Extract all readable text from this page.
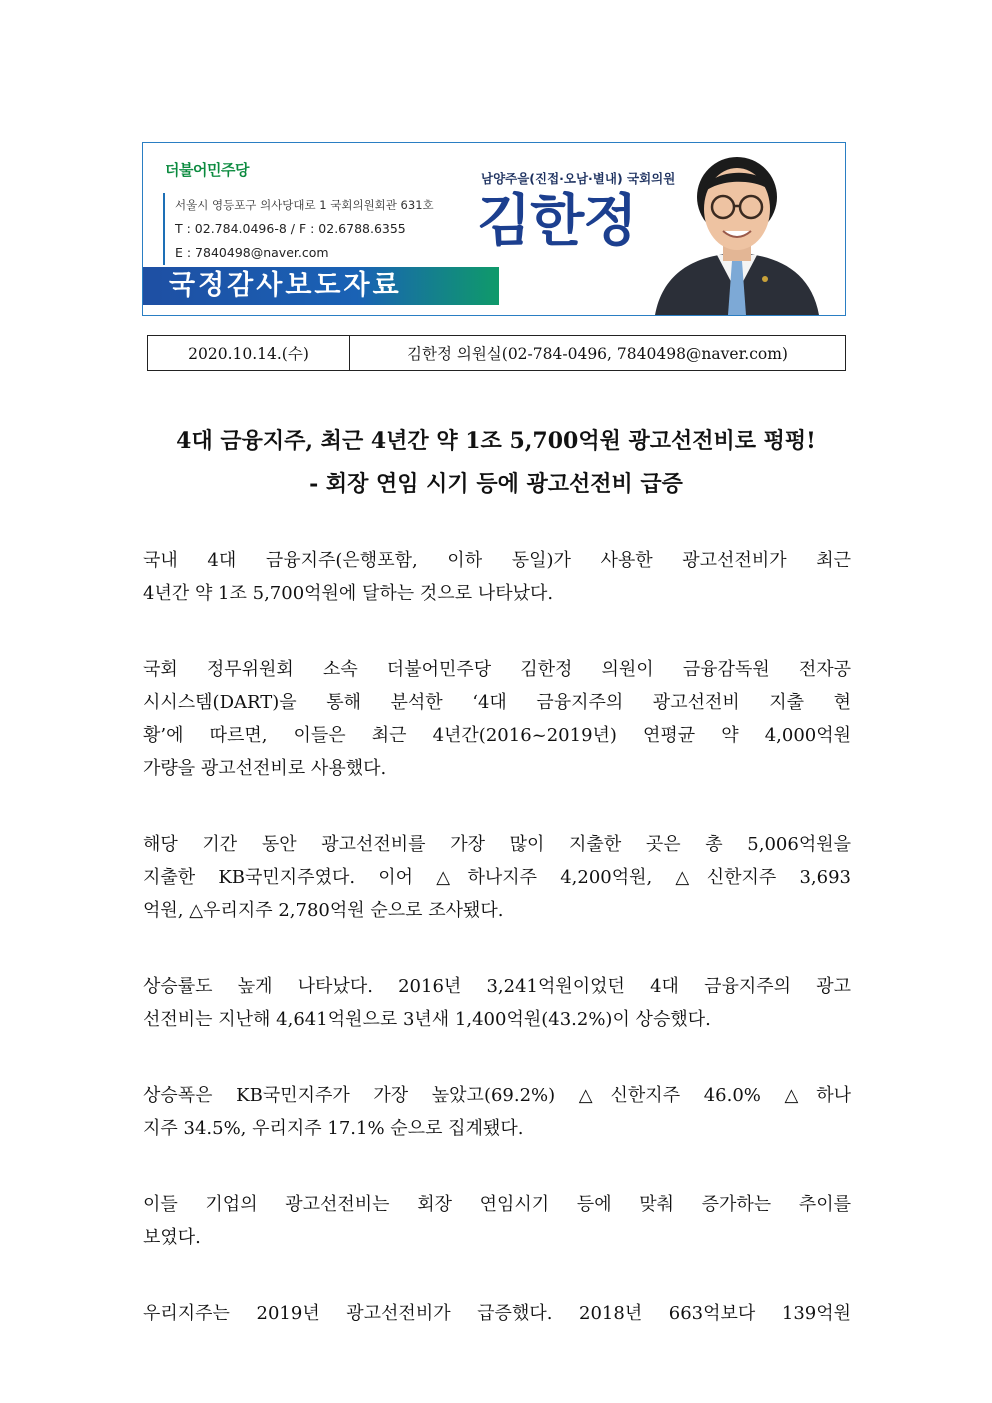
더불어민주당
서울시 영등포구 의사당대로 1 국회의원회관 631호
T : 02.784.0496-8 / F : 02.6788.6355
E : 7840498@naver.com
남양주을(진접·오남·별내) 국회의원
김한정
국정감사보도자료
2020.10.14.(수)	김한정 의원실(02-784-0496, 7840498@naver.com)
4대 금융지주, 최근 4년간 약 1조 5,700억원 광고선전비로 펑펑!
- 회장 연임 시기 등에 광고선전비 급증

국내 4대 금융지주(은행포함, 이하 동일)가 사용한 광고선전비가 최근
4년간 약 1조 5,700억원에 달하는 것으로 나타났다.

국회 정무위원회 소속 더불어민주당 김한정 의원이 금융감독원 전자공
시시스템(DART)을 통해 분석한 ‘4대 금융지주의 광고선전비 지출 현
황’에 따르면, 이들은 최근 4년간(2016~2019년) 연평균 약 4,000억원
가량을 광고선전비로 사용했다.

해당 기간 동안 광고선전비를 가장 많이 지출한 곳은 총 5,006억원을
지출한 KB국민지주였다. 이어 △하나지주 4,200억원, △신한지주 3,693
억원, △우리지주 2,780억원 순으로 조사됐다.

상승률도 높게 나타났다. 2016년 3,241억원이었던 4대 금융지주의 광고
선전비는 지난해 4,641억원으로 3년새 1,400억원(43.2%)이 상승했다.

상승폭은 KB국민지주가 가장 높았고(69.2%) △신한지주 46.0% △하나
지주 34.5%, 우리지주 17.1% 순으로 집계됐다.

이들 기업의 광고선전비는 회장 연임시기 등에 맞춰 증가하는 추이를
보였다.

우리지주는 2019년 광고선전비가 급증했다. 2018년 663억보다 139억원
